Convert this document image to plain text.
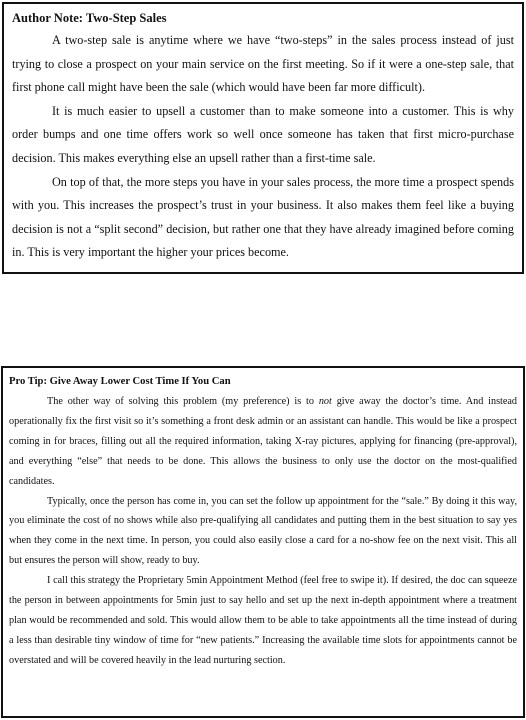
Author Note: Two-Step Sales

A two-step sale is anytime where we have “two-steps” in the sales process instead of just trying to close a prospect on your main service on the first meeting. So if it were a one-step sale, that first phone call might have been the sale (which would have been far more difficult).

It is much easier to upsell a customer than to make someone into a customer. This is why order bumps and one time offers work so well once someone has taken that first micro-purchase decision. This makes everything else an upsell rather than a first-time sale.

On top of that, the more steps you have in your sales process, the more time a prospect spends with you. This increases the prospect’s trust in your business. It also makes them feel like a buying decision is not a “split second” decision, but rather one that they have already imagined before coming in. This is very important the higher your prices become.

Pro Tip: Give Away Lower Cost Time If You Can

The other way of solving this problem (my preference) is to not give away the doctor’s time. And instead operationally fix the first visit so it’s something a front desk admin or an assistant can handle. This would be like a prospect coming in for braces, filling out all the required information, taking X-ray pictures, applying for financing (pre-approval), and everything “else” that needs to be done. This allows the business to only use the doctor on the most-qualified candidates.

Typically, once the person has come in, you can set the follow up appointment for the “sale.” By doing it this way, you eliminate the cost of no shows while also pre-qualifying all candidates and putting them in the best situation to say yes when they come in the next time. In person, you could also easily close a card for a no-show fee on the next visit. This all but ensures the person will show, ready to buy.

I call this strategy the Proprietary 5min Appointment Method (feel free to swipe it). If desired, the doc can squeeze the person in between appointments for 5min just to say hello and set up the next in-depth appointment where a treatment plan would be recommended and sold. This would allow them to be able to take appointments all the time instead of during a less than desirable tiny window of time for “new patients.” Increasing the available time slots for appointments cannot be overstated and will be covered heavily in the lead nurturing section.
